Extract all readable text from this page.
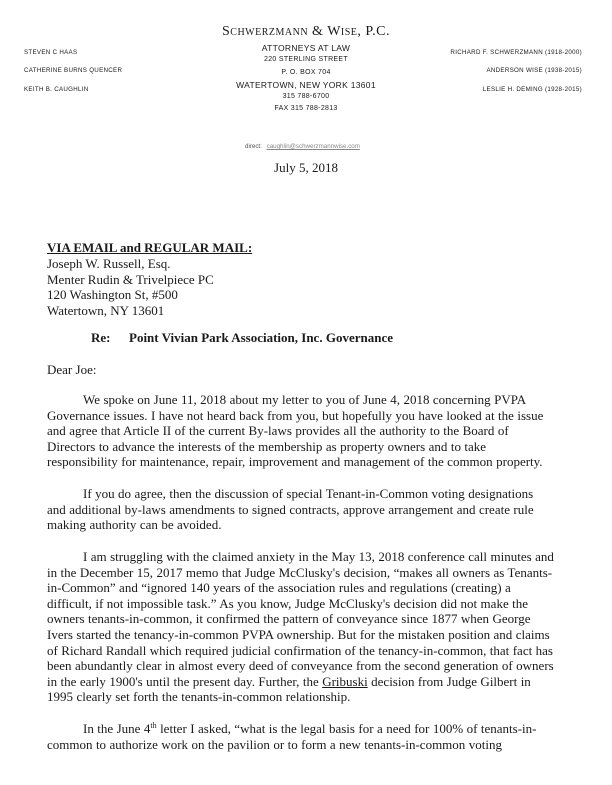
Schwerzmann & Wise, P.C.
ATTORNEYS AT LAW
220 STERLING STREET
P. O. BOX 704
WATERTOWN, NEW YORK 13601
315 788-6700
FAX 315 788-2813
STEVEN C HAAS
CATHERINE BURNS QUENCER
KEITH B. CAUGHLIN
RICHARD F. SCHWERZMANN (1918-2000)
ANDERSON WISE (1938-2015)
LESLIE H. DEMING (1928-2015)
direct: caughlin@schwerzmannwise.com
July 5, 2018
VIA EMAIL and REGULAR MAIL:
Joseph W. Russell, Esq.
Menter Rudin & Trivelpiece PC
120 Washington St, #500
Watertown, NY 13601
Re: Point Vivian Park Association, Inc. Governance
Dear Joe:
We spoke on June 11, 2018 about my letter to you of June 4, 2018 concerning PVPA
Governance issues. I have not heard back from you, but hopefully you have looked at the issue
and agree that Article II of the current By-laws provides all the authority to the Board of
Directors to advance the interests of the membership as property owners and to take
responsibility for maintenance, repair, improvement and management of the common property.
If you do agree, then the discussion of special Tenant-in-Common voting designations
and additional by-laws amendments to signed contracts, approve arrangement and create rule
making authority can be avoided.
I am struggling with the claimed anxiety in the May 13, 2018 conference call minutes and
in the December 15, 2017 memo that Judge McClusky's decision, “makes all owners as Tenants-
in-Common” and “ignored 140 years of the association rules and regulations (creating) a
difficult, if not impossible task.” As you know, Judge McClusky's decision did not make the
owners tenants-in-common, it confirmed the pattern of conveyance since 1877 when George
Ivers started the tenancy-in-common PVPA ownership. But for the mistaken position and claims
of Richard Randall which required judicial confirmation of the tenancy-in-common, that fact has
been abundantly clear in almost every deed of conveyance from the second generation of owners
in the early 1900's until the present day. Further, the Gribuski decision from Judge Gilbert in
1995 clearly set forth the tenants-in-common relationship.
In the June 4th letter I asked, “what is the legal basis for a need for 100% of tenants-in-
common to authorize work on the pavilion or to form a new tenants-in-common voting
